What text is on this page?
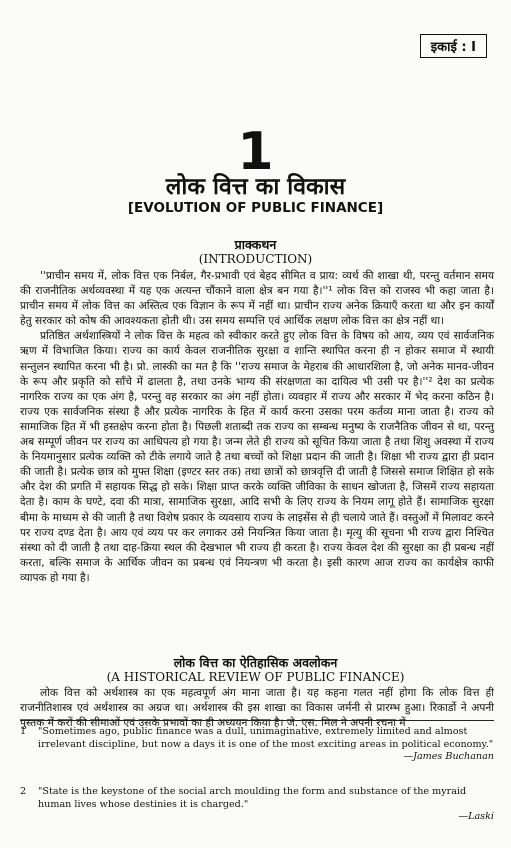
इकाई : I
1
लोक वित्त का विकास
[EVOLUTION OF PUBLIC FINANCE]
प्राक्कथन
(INTRODUCTION)

''प्राचीन समय में, लोक वित्त एक निर्बल, गैर-प्रभावी एवं बेहद सीमित व प्राय: व्यर्थ की शाखा थी, परन्तु वर्तमान समय की राजनीतिक अर्थव्यवस्था में यह एक अत्यन्त चौंकाने वाला क्षेत्र बन गया है।''¹ लोक वित्त को राजस्व भी कहा जाता है। प्राचीन समय में लोक वित्त का अस्तित्व एक विज्ञान के रूप में नहीं था। प्राचीन राज्य अनेक क्रियाएँ करता था और इन कार्यों हेतु सरकार को कोष की आवश्यकता होती थी। उस समय सम्पत्ति एवं आर्थिक लक्षण लोक वित्त का क्षेत्र नहीं था।

प्रतिष्ठित अर्थशास्त्रियों ने लोक वित्त के महत्व को स्वीकार करते हुए लोक वित्त के विषय को आय, व्यय एवं सार्वजनिक ऋण में विभाजित किया। राज्य का कार्य केवल राजनीतिक सुरक्षा व शान्ति स्थापित करना ही न होकर समाज में स्थायी सन्तुलन स्थापित करना भी है। प्रो. लास्की का मत है कि ''राज्य समाज के मेहराब की आधारशिला है, जो अनेक मानव-जीवन के रूप और प्रकृति को साँचे में ढालता है, तथा उनके भाग्य की संरक्षणता का दायित्व भी उसी पर है।''² देश का प्रत्येक नागरिक राज्य का एक अंग है, परन्तु वह सरकार का अंग नहीं होता। व्यवहार में राज्य और सरकार में भेद करना कठिन है। राज्य एक सार्वजनिक संस्था है और प्रत्येक नागरिक के हित में कार्य करना उसका परम कर्तव्य माना जाता है। राज्य को सामाजिक हित में भी हस्तक्षेप करना होता है। पिछली शताब्दी तक राज्य का सम्बन्ध मनुष्य के राजनैतिक जीवन से था, परन्तु अब सम्पूर्ण जीवन पर राज्य का आधिपत्य हो गया है। जन्म लेते ही राज्य को सूचित किया जाता है तथा शिशु अवस्था में राज्य के नियमानुसार प्रत्येक व्यक्ति को टीके लगाये जाते है तथा बच्चों को शिक्षा प्रदान की जाती है। शिक्षा भी राज्य द्वारा ही प्रदान की जाती है। प्रत्येक छात्र को मुफ्त शिक्षा (इण्टर स्तर तक) तथा छात्रों को छात्रवृत्ति दी जाती है जिससे समाज शिक्षित हो सके और देश की प्रगति में सहायक सिद्ध हो सके। शिक्षा प्राप्त करके व्यक्ति जीविका के साधन खोजता है, जिसमें राज्य सहायता देता है। काम के घण्टे, दवा की मात्रा, सामाजिक सुरक्षा, आदि सभी के लिए राज्य के नियम लागू होते हैं। सामाजिक सुरक्षा बीमा के माध्यम से की जाती है तथा विशेष प्रकार के व्यवसाय राज्य के लाइसेंस से ही चलाये जाते हैं। वस्तुओं में मिलावट करने पर राज्य दण्ड देता है। आय एवं व्यय पर कर लगाकर उसे नियन्त्रित किया जाता है। मृत्यु की सूचना भी राज्य द्वारा निश्चित संस्था को दी जाती है तथा दाह-क्रिया स्थल की देखभाल भी राज्य ही करता है। राज्य केवल देश की सुरक्षा का ही प्रबन्ध नहीं करता, बल्कि समाज के आर्थिक जीवन का प्रबन्ध एवं नियन्त्रण भी करता है। इसी कारण आज राज्य का कार्यक्षेत्र काफी व्यापक हो गया है।

लोक वित्त का ऐतिहासिक अवलोकन
(A HISTORICAL REVIEW OF PUBLIC FINANCE)

लोक वित्त को अर्थशास्त्र का एक महत्वपूर्ण अंग माना जाता है। यह कहना गलत नहीं होगा कि लोक वित्त ही राजनीतिशास्त्र एवं अर्थशास्त्र का अग्रज था। अर्थशास्त्र की इस शाखा का विकास जर्मनी से प्रारम्भ हुआ। रिकार्डो ने अपनी पुस्तक में करों की सीमाओं एवं उसके प्रभावों का ही अध्ययन किया है। जे. एस. मिल ने अपनी रचना में

1 "Sometimes ago, public finance was a dull, unimaginative, extremely limited and almost irrelevant discipline, but now a days it is one of the most exciting areas in political economy."
—James Buchanan
2 "State is the keystone of the social arch moulding the form and substance of the myraid human lives whose destinies it is charged."
—Laski
